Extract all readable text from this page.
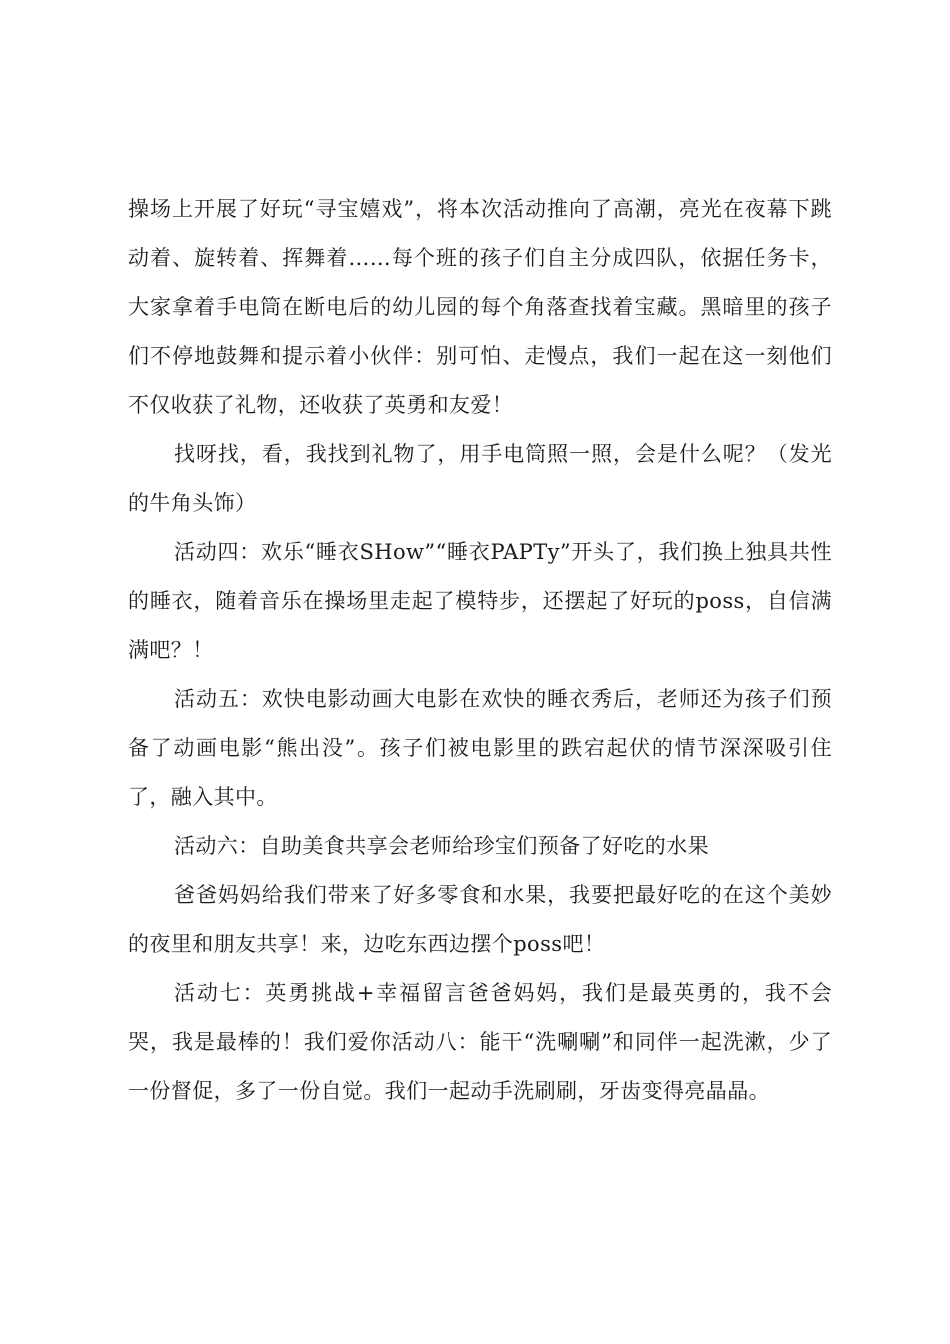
操场上开展了好玩“寻宝嬉戏”，将本次活动推向了高潮，亮光在夜幕下跳动着、旋转着、挥舞着……每个班的孩子们自主分成四队，依据任务卡，大家拿着手电筒在断电后的幼儿园的每个角落查找着宝藏。黑暗里的孩子们不停地鼓舞和提示着小伙伴：别可怕、走慢点，我们一起在这一刻他们不仅收获了礼物，还收获了英勇和友爱！

找呀找，看，我找到礼物了，用手电筒照一照，会是什么呢？（发光的牛角头饰）

活动四：欢乐“睡衣SHow”“睡衣PAPTy”开头了，我们换上独具共性的睡衣，随着音乐在操场里走起了模特步，还摆起了好玩的poss，自信满满吧？！

活动五：欢快电影动画大电影在欢快的睡衣秀后，老师还为孩子们预备了动画电影“熊出没”。孩子们被电影里的跌宕起伏的情节深深吸引住了，融入其中。

活动六：自助美食共享会老师给珍宝们预备了好吃的水果

爸爸妈妈给我们带来了好多零食和水果，我要把最好吃的在这个美妙的夜里和朋友共享！来，边吃东西边摆个poss吧！

活动七：英勇挑战+幸福留言爸爸妈妈，我们是最英勇的，我不会哭，我是最棒的！我们爱你活动八：能干“洗唰唰”和同伴一起洗漱，少了一份督促，多了一份自觉。我们一起动手洗刷刷，牙齿变得亮晶晶。
